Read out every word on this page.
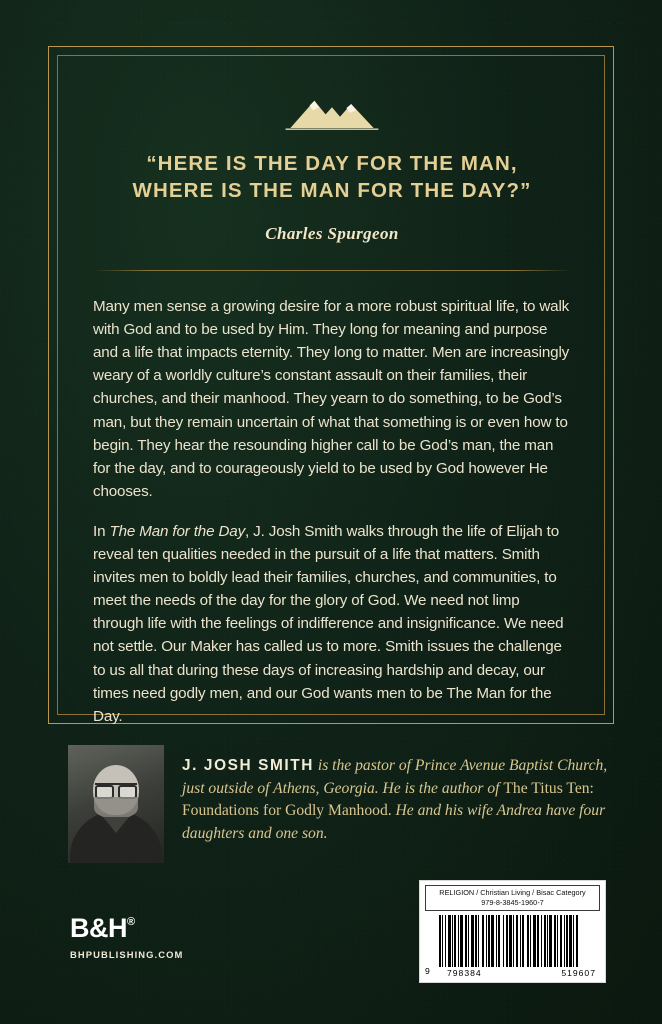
“HERE IS THE DAY FOR THE MAN,
WHERE IS THE MAN FOR THE DAY?”
Charles Spurgeon

Many men sense a growing desire for a more robust spiritual life, to walk with God and to be used by Him. They long for meaning and purpose and a life that impacts eternity. They long to matter. Men are increasingly weary of a worldly culture’s constant assault on their families, their churches, and their manhood. They yearn to do something, to be God’s man, but they remain uncertain of what that something is or even how to begin. They hear the resounding higher call to be God’s man, the man for the day, and to courageously yield to be used by God however He chooses.

In The Man for the Day, J. Josh Smith walks through the life of Elijah to reveal ten qualities needed in the pursuit of a life that matters. Smith invites men to boldly lead their families, churches, and communities, to meet the needs of the day for the glory of God. We need not limp through life with the feelings of indifference and insignificance. We need not settle. Our Maker has called us to more. Smith issues the challenge to us all that during these days of increasing hardship and decay, our times need godly men, and our God wants men to be The Man for the Day.

J. JOSH SMITH is the pastor of Prince Avenue Baptist Church, just outside of Athens, Georgia. He is the author of The Titus Ten: Foundations for Godly Manhood. He and his wife Andrea have four daughters and one son.
B&H®
BHPUBLISHING.COM
RELIGION / Christian Living / Bisac Category
979-8-3845-1960-7
9 798384	519607
